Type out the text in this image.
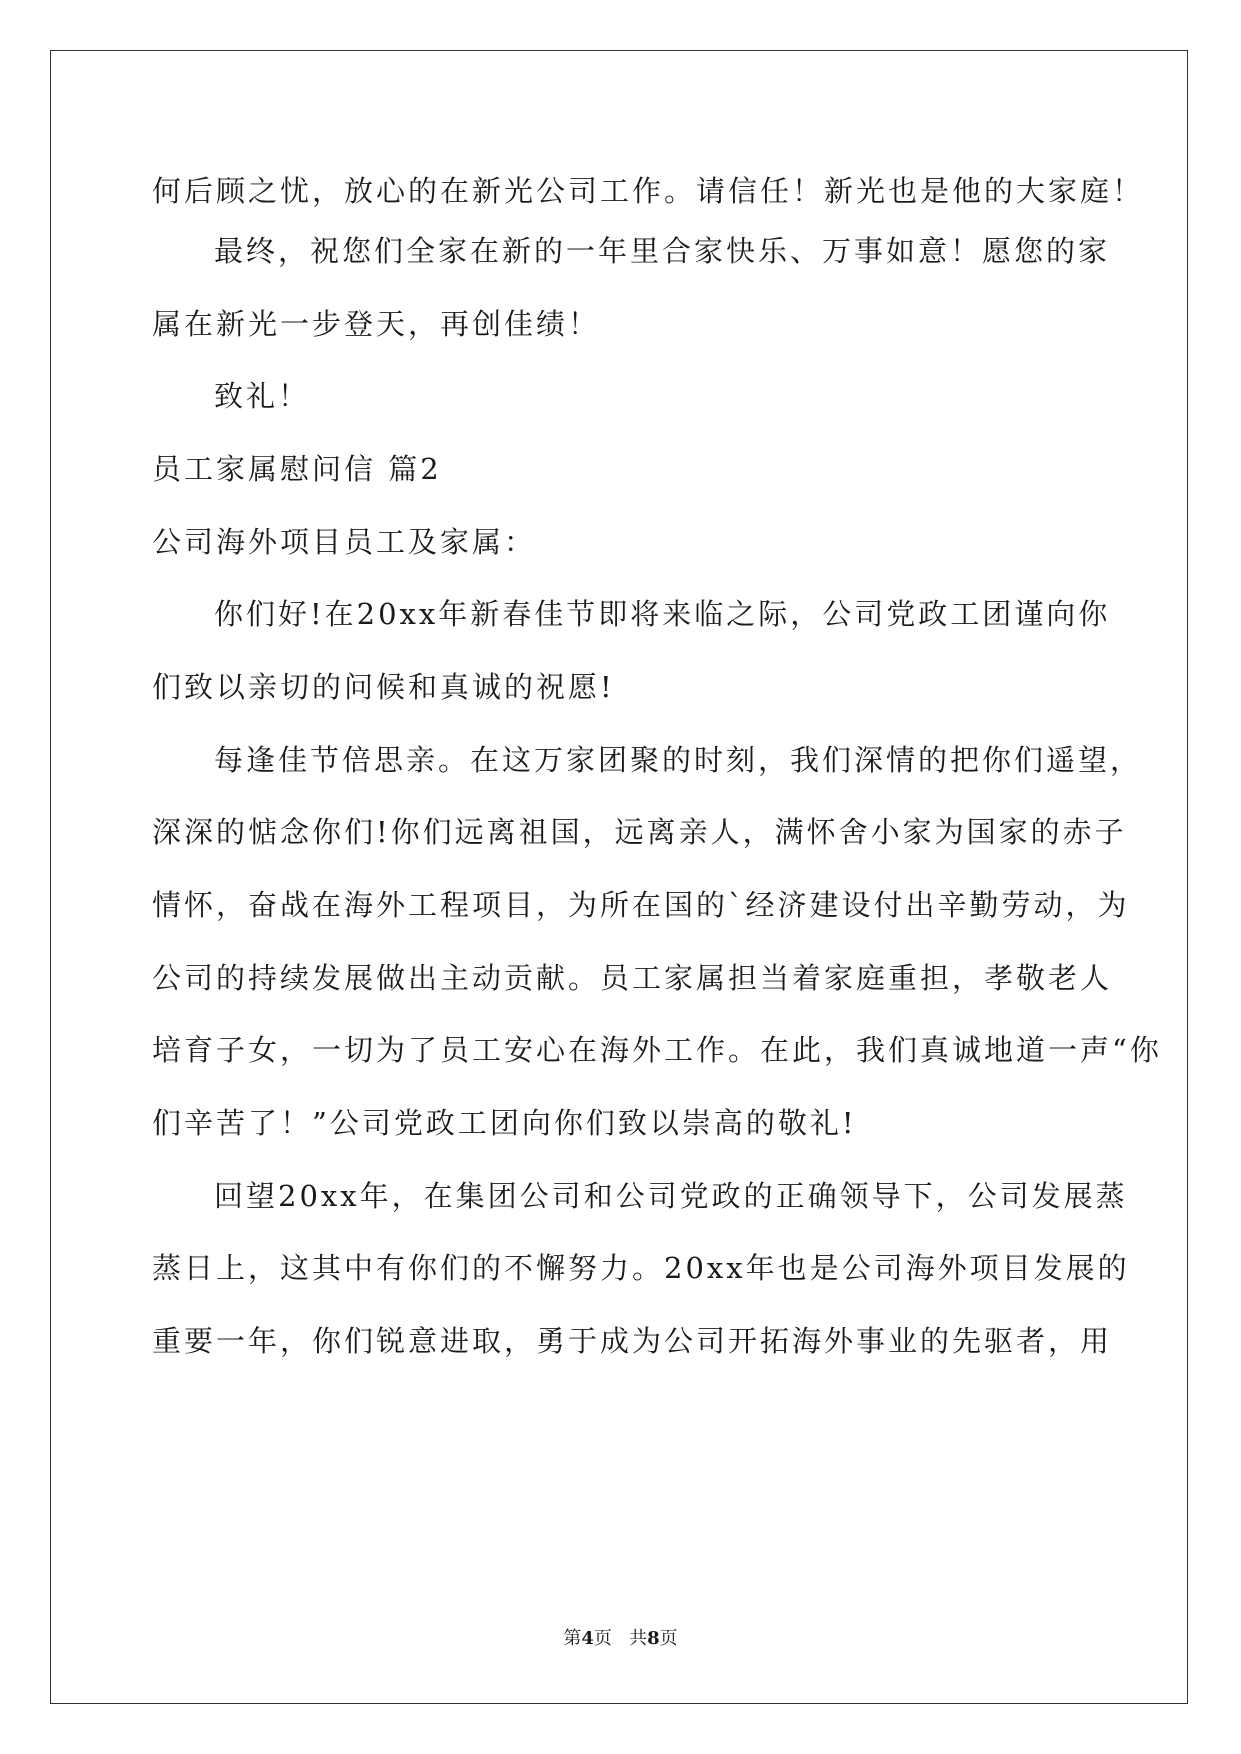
何后顾之忧，放心的在新光公司工作。请信任！新光也是他的大家庭！
最终，祝您们全家在新的一年里合家快乐、万事如意！愿您的家
属在新光一步登天，再创佳绩！
致礼！
员工家属慰问信 篇2
公司海外项目员工及家属：
你们好!在20xx年新春佳节即将来临之际，公司党政工团谨向你
们致以亲切的问候和真诚的祝愿!
每逢佳节倍思亲。在这万家团聚的时刻，我们深情的把你们遥望，
深深的惦念你们!你们远离祖国，远离亲人，满怀舍小家为国家的赤子
情怀，奋战在海外工程项目，为所在国的`经济建设付出辛勤劳动，为
公司的持续发展做出主动贡献。员工家属担当着家庭重担，孝敬老人
培育子女，一切为了员工安心在海外工作。在此，我们真诚地道一声“你
们辛苦了！”公司党政工团向你们致以崇高的敬礼!
回望20xx年，在集团公司和公司党政的正确领导下，公司发展蒸
蒸日上，这其中有你们的不懈努力。20xx年也是公司海外项目发展的
重要一年，你们锐意进取，勇于成为公司开拓海外事业的先驱者，用
第4页   共8页
